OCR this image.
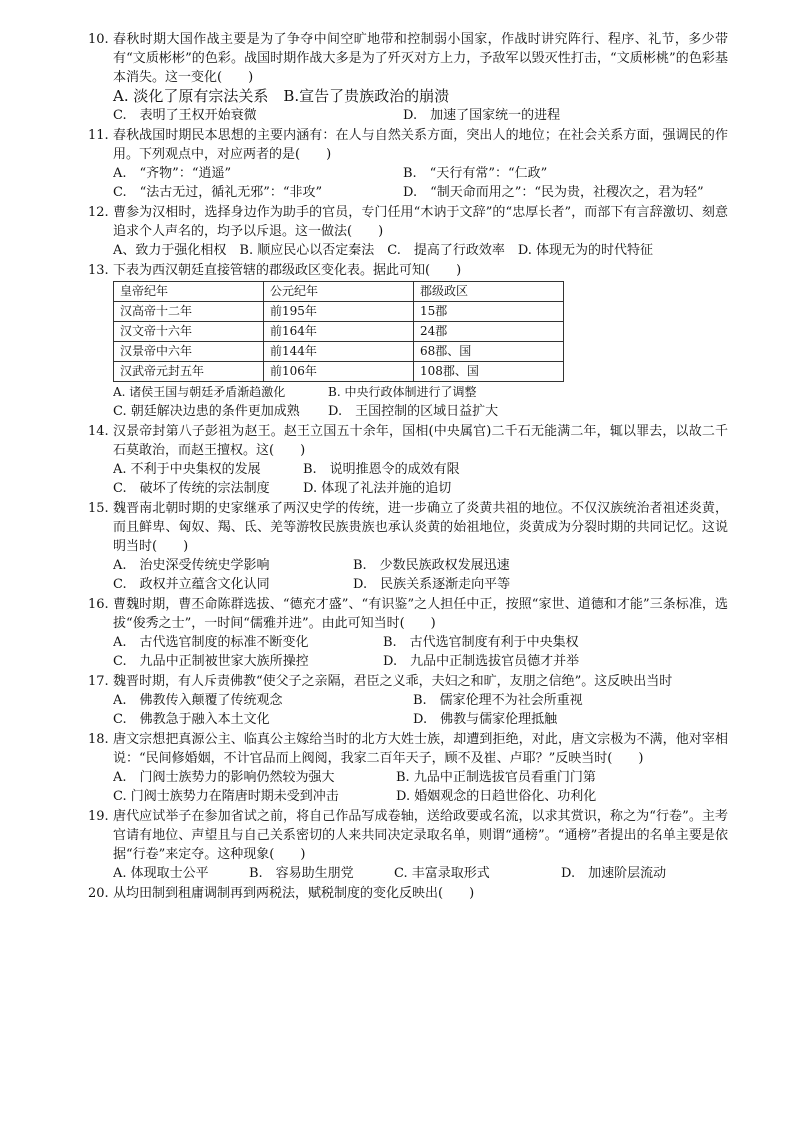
10. 春秋时期大国作战主要是为了争夺中间空旷地带和控制弱小国家，作战时讲究阵行、程序、礼节，多少带有“文质彬彬”的色彩。战国时期作战大多是为了歼灭对方上力，予敌军以毁灭性打击，“文质彬桃”的色彩基本消失。这一变化(　　)
A. 淡化了原有宗法关系　B.宣告了贵族政治的崩溃
C.　表明了王权开始衰微	D.　加速了国家统一的进程
11. 春秋战国时期民本思想的主要内涵有：在人与自然关系方面，突出人的地位；在社会关系方面，强调民的作用。下列观点中，对应两者的是(　　)
A.　“齐物”：“逍遥”	B.　“天行有常”：“仁政”
C.　“法古无过，循礼无邪”：“非攻”	D.　“制天命而用之”：“民为贵，社稷次之，君为轻”
12. 曹参为汉相时，选择身边作为助手的官员，专门任用“木讷于文辞”的“忠厚长者”，而部下有言辞激切、刻意追求个人声名的，均予以斥退。这一做法(　　)
A、致力于强化相权　B. 顺应民心以否定秦法　C.　提高了行政效率　D. 体现无为的时代特征
13. 下表为西汉朝廷直接管辖的郡级政区变化表。据此可知(　　)
皇帝纪年	公元纪年	郡级政区
汉高帝十二年	前195年	15郡
汉文帝十六年	前164年	24郡
汉景帝中六年	前144年	68郡、国
汉武帝元封五年	前106年	108郡、国
A. 诸侯王国与朝廷矛盾渐趋激化	B. 中央行政体制进行了调整
C. 朝廷解决边患的条件更加成熟	D.　王国控制的区域日益扩大
14. 汉景帝封第八子彭祖为赵王。赵王立国五十余年，国相(中央属官)二千石无能满二年，辄以罪去，以故二千石莫敢治，而赵王擅权。这(　　)
A. 不利于中央集权的发展	B.　说明推恩令的成效有限
C.　破坏了传统的宗法制度	D. 体现了礼法并施的追切
15. 魏晋南北朝时期的史家继承了两汉史学的传统，进一步确立了炎黄共祖的地位。不仅汉族统治者祖述炎黄，而且鲜卑、匈奴、羯、氐、羌等游牧民族贵族也承认炎黄的始祖地位，炎黄成为分裂时期的共同记忆。这说明当时(　　)
A.　治史深受传统史学影响	B.　少数民族政权发展迅速
C.　政权并立蕴含文化认同	D.　民族关系逐渐走向平等
16. 曹魏时期，曹丕命陈群选拔、“德充才盛”、“有识鉴”之人担任中正，按照“家世、道德和才能”三条标准，选拔“俊秀之士”，一时间“儒雅并进”。由此可知当时(　　)
A.　古代选官制度的标准不断变化	B.　古代选官制度有利于中央集权
C.　九品中正制被世家大族所操控	D.　九品中正制选拔官员德才并举
17. 魏晋时期，有人斥责佛教“使父子之亲隔，君臣之义乖，夫妇之和旷，友朋之信绝”。这反映出当时
A.　佛教传入颠覆了传统观念	B.　儒家伦理不为社会所重视
C.　佛教急于融入本土文化	D.　佛教与儒家伦理抵触
18. 唐文宗想把真源公主、临真公主嫁给当时的北方大姓士族，却遭到拒绝，对此，唐文宗极为不满，他对宰相说：“民间修婚姻，不计官品而上阀阅，我家二百年天子，顾不及崔、卢耶？”反映当时(　　)
A.　门阀士族势力的影响仍然较为强大	B. 九品中正制选拔官员看重门门第
C. 门阀士族势力在隋唐时期未受到冲击	D. 婚姻观念的日趋世俗化、功利化
19. 唐代应试举子在参加省试之前，将自己作品写成卷轴，送给政要或名流，以求其赏识，称之为“行卷”。主考官请有地位、声望且与自己关系密切的人来共同决定录取名单，则谓“通榜”。“通榜”者提出的名单主要是依据“行卷”来定夺。这种现象(　　)
A. 体现取士公平	B.　容易助生朋党	C. 丰富录取形式	D.　加速阶层流动
20. 从均田制到租庸调制再到两税法，赋税制度的变化反映出(　　)
